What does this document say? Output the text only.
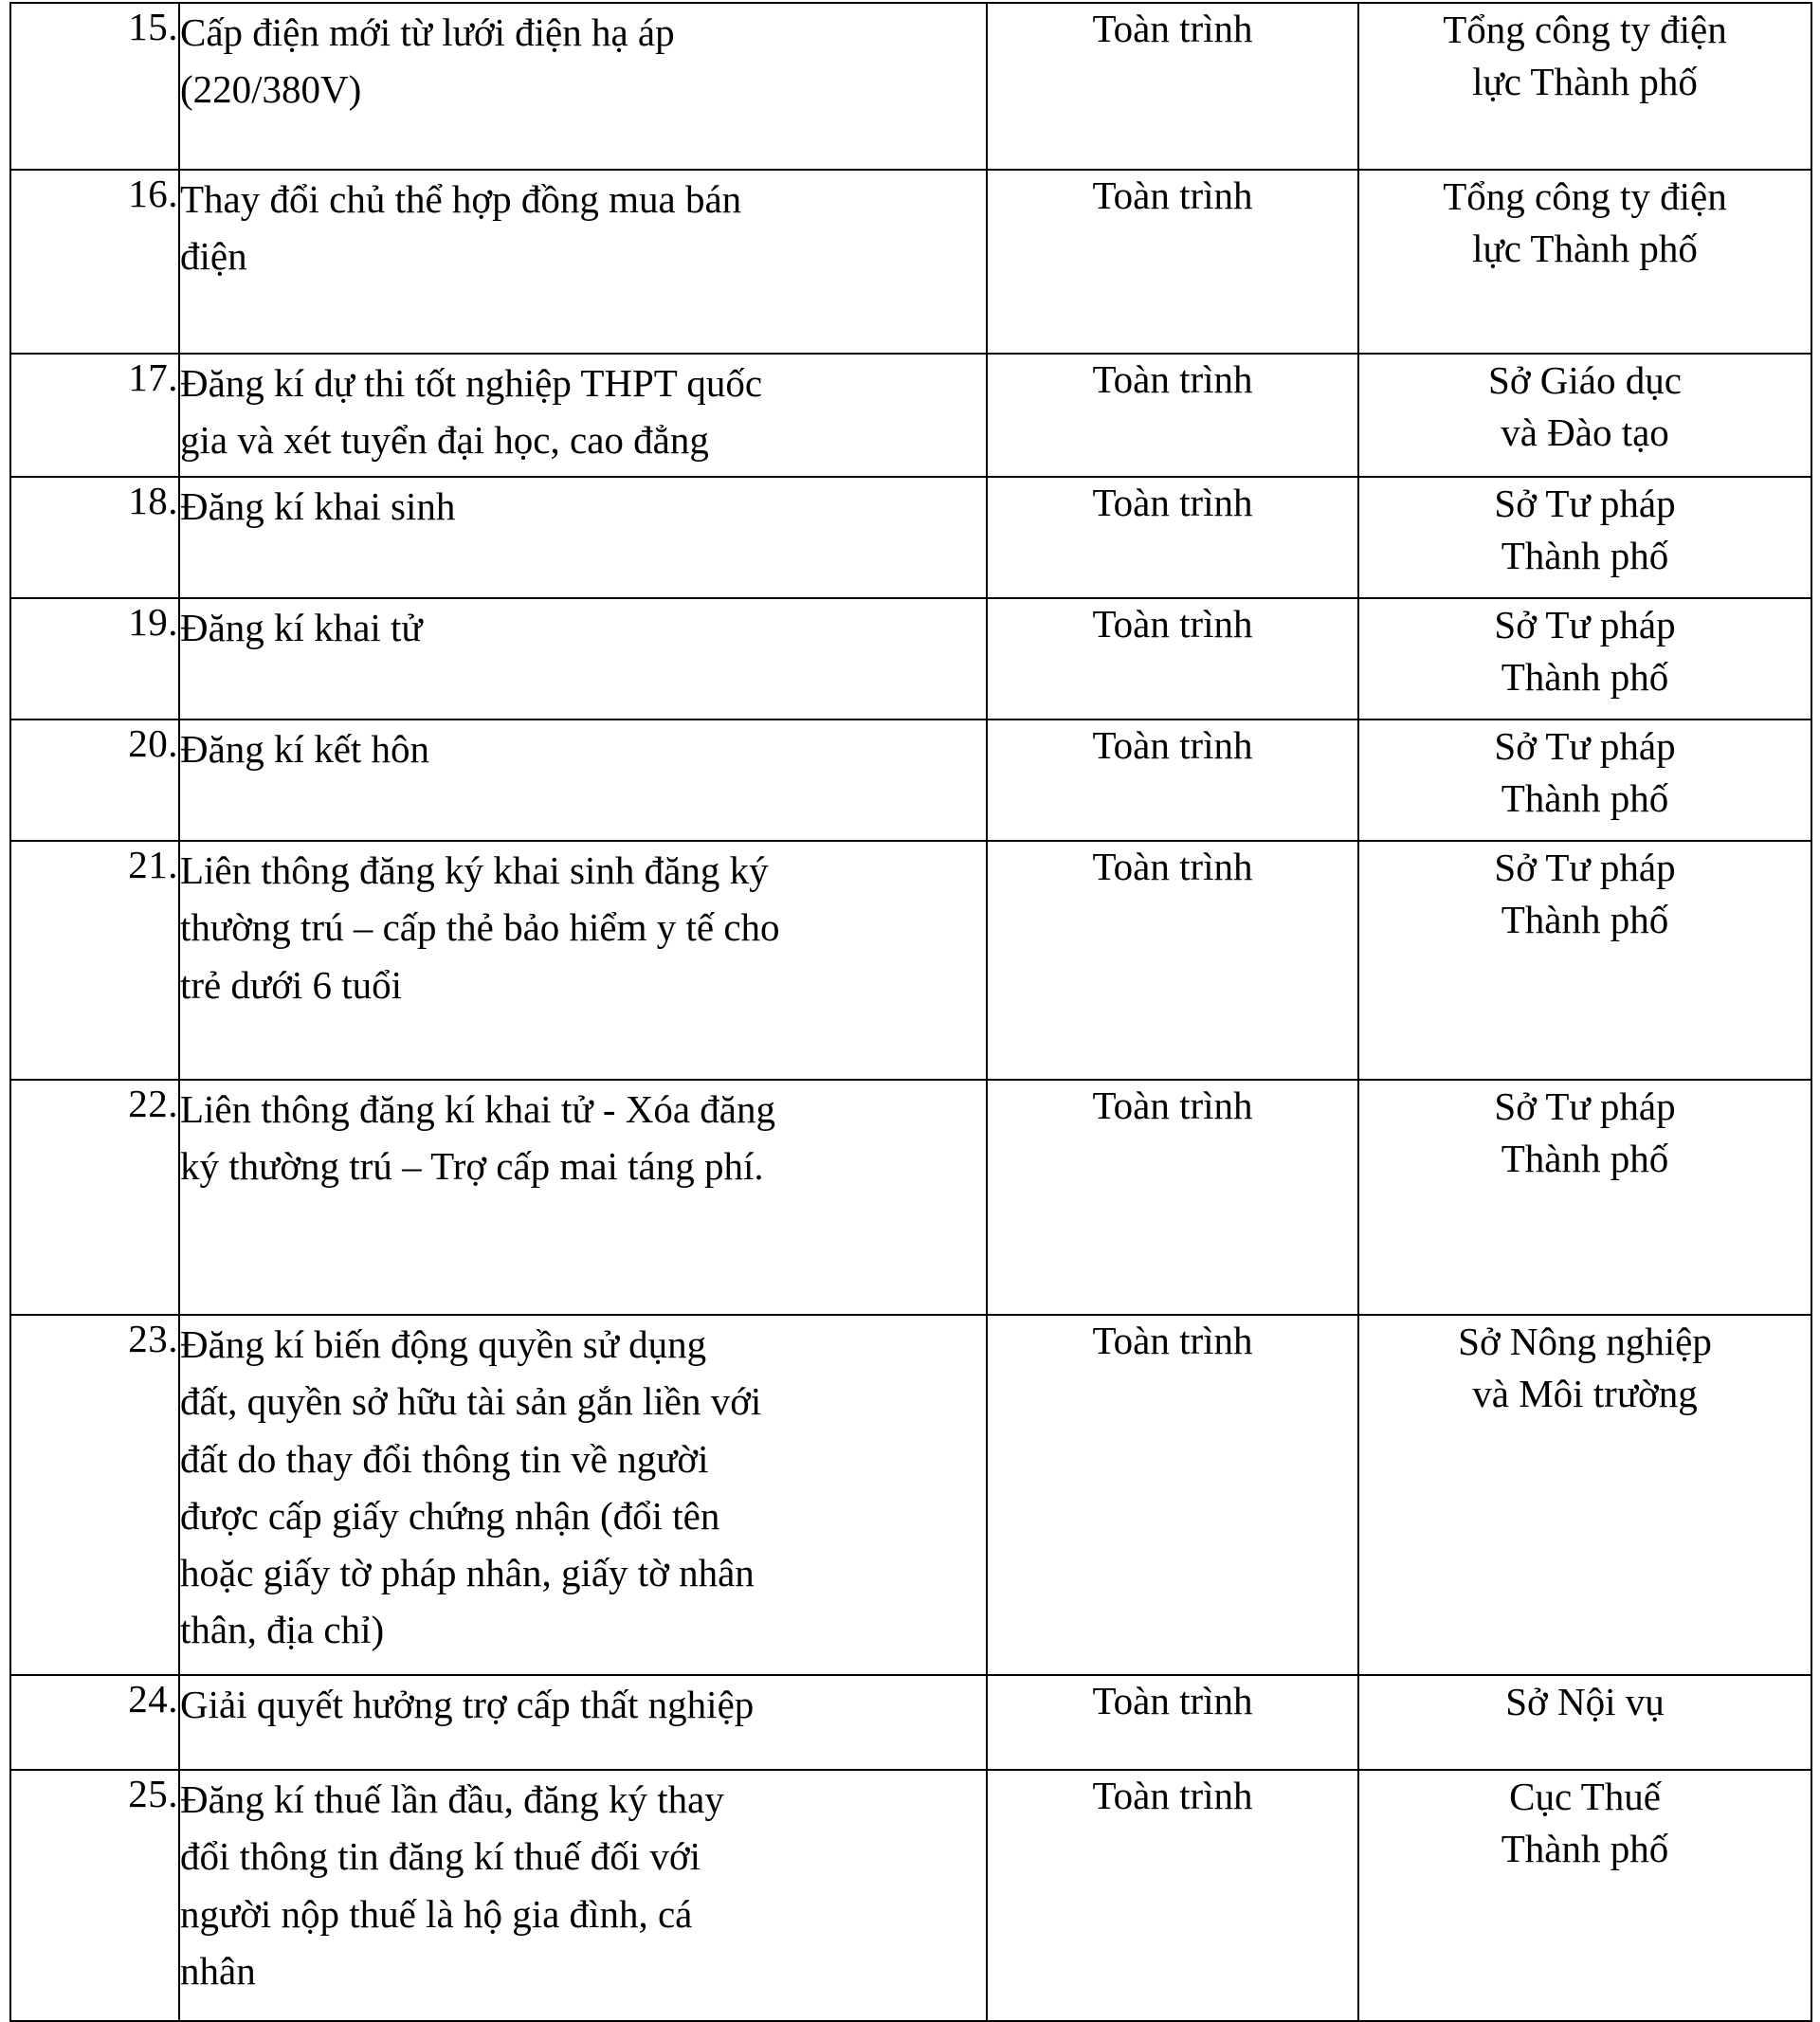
15.	Cấp điện mới từ lưới điện hạ áp
(220/380V)	Toàn trình	Tổng công ty điện
lực Thành phố

16.	Thay đổi chủ thể hợp đồng mua bán
điện	Toàn trình	Tổng công ty điện
lực Thành phố

17.	Đăng kí dự thi tốt nghiệp THPT quốc
gia và xét tuyển đại học, cao đẳng	Toàn trình	Sở Giáo dục
và Đào tạo

18.	Đăng kí khai sinh	Toàn trình	Sở Tư pháp
Thành phố

19.	Đăng kí khai tử	Toàn trình	Sở Tư pháp
Thành phố

20.	Đăng kí kết hôn	Toàn trình	Sở Tư pháp
Thành phố

21.	Liên thông đăng ký khai sinh đăng ký
thường trú – cấp thẻ bảo hiểm y tế cho
trẻ dưới 6 tuổi	Toàn trình	Sở Tư pháp
Thành phố

22.	Liên thông đăng kí khai tử - Xóa đăng
ký thường trú – Trợ cấp mai táng phí.	Toàn trình	Sở Tư pháp
Thành phố

23.	Đăng kí biến động quyền sử dụng
đất, quyền sở hữu tài sản gắn liền với
đất do thay đổi thông tin về người
được cấp giấy chứng nhận (đổi tên
hoặc giấy tờ pháp nhân, giấy tờ nhân
thân, địa chỉ)
	Toàn trình	Sở Nông nghiệp
và Môi trường

24.	Giải quyết hưởng trợ cấp thất nghiệp	Toàn trình	Sở Nội vụ

25.	Đăng kí thuế lần đầu, đăng ký thay
đổi thông tin đăng kí thuế đối với
người nộp thuế là hộ gia đình, cá
nhân	Toàn trình	Cục Thuế
Thành phố
